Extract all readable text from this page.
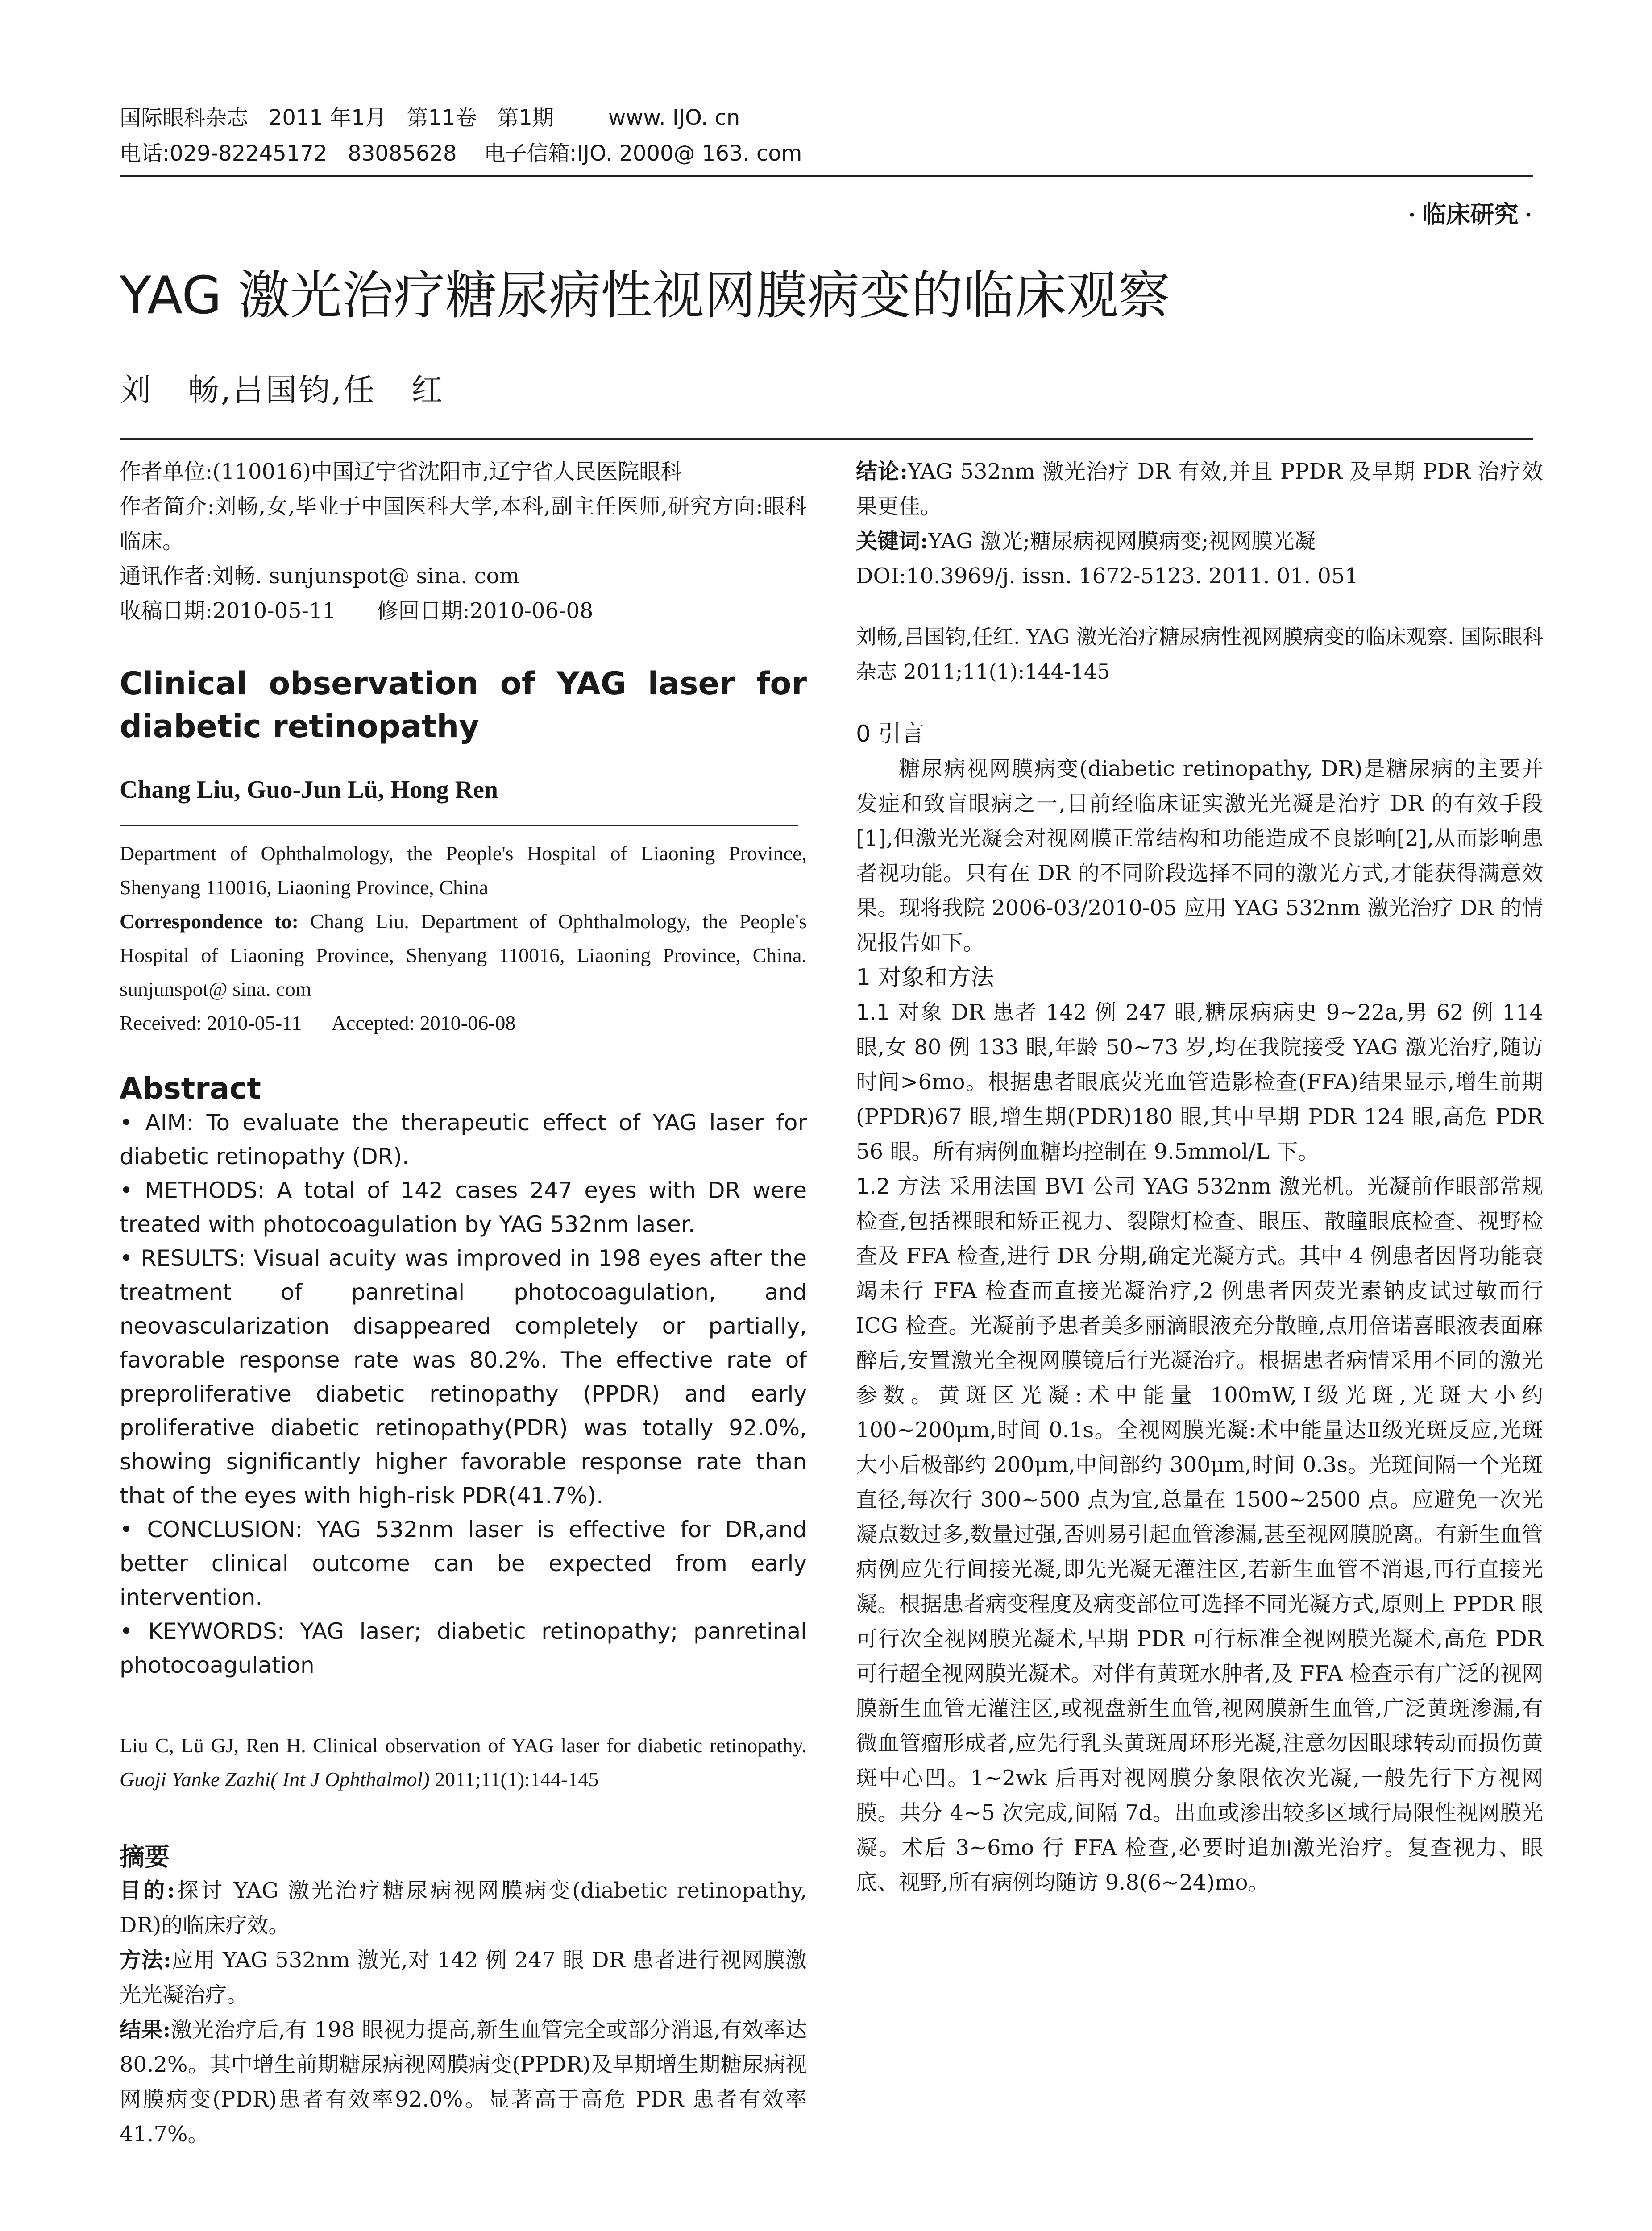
国际眼科杂志   2011 年1月   第11卷   第1期        www. IJO. cn
电话:029-82245172   83085628    电子信箱:IJO. 2000@ 163. com
· 临床研究 ·
YAG 激光治疗糖尿病性视网膜病变的临床观察
刘   畅,吕国钧,任   红

作者单位:(110016)中国辽宁省沈阳市,辽宁省人民医院眼科

作者简介:刘畅,女,毕业于中国医科大学,本科,副主任医师,研究方向:眼科临床。

通讯作者:刘畅. sunjunspot@ sina. com

收稿日期:2010-05-11      修回日期:2010-06-08

Clinical observation of YAG laser for diabetic retinopathy

Chang Liu, Guo-Jun Lü, Hong Ren

Department of Ophthalmology, the People's Hospital of Liaoning Province, Shenyang 110016, Liaoning Province, China

Correspondence to: Chang Liu. Department of Ophthalmology, the People's Hospital of Liaoning Province, Shenyang 110016, Liaoning Province, China. sunjunspot@ sina. com

Received: 2010-05-11      Accepted: 2010-06-08

Abstract

• AIM: To evaluate the therapeutic effect of YAG laser for diabetic retinopathy (DR).

• METHODS: A total of 142 cases 247 eyes with DR were treated with photocoagulation by YAG 532nm laser.

• RESULTS: Visual acuity was improved in 198 eyes after the treatment of panretinal photocoagulation, and neovascularization disappeared completely or partially, favorable response rate was 80.2%. The effective rate of preproliferative diabetic retinopathy (PPDR) and early proliferative diabetic retinopathy(PDR) was totally 92.0%, showing significantly higher favorable response rate than that of the eyes with high-risk PDR(41.7%).

• CONCLUSION: YAG 532nm laser is effective for DR,and better clinical outcome can be expected from early intervention.

• KEYWORDS: YAG laser; diabetic retinopathy; panretinal photocoagulation

Liu C, Lü GJ, Ren H. Clinical observation of YAG laser for diabetic retinopathy. Guoji Yanke Zazhi( Int J Ophthalmol) 2011;11(1):144-145

摘要

目的:探讨 YAG 激光治疗糖尿病视网膜病变(diabetic retinopathy, DR)的临床疗效。

方法:应用 YAG 532nm 激光,对 142 例 247 眼 DR 患者进行视网膜激光光凝治疗。

结果:激光治疗后,有 198 眼视力提高,新生血管完全或部分消退,有效率达 80.2%。其中增生前期糖尿病视网膜病变(PPDR)及早期增生期糖尿病视网膜病变(PDR)患者有效率92.0%。显著高于高危 PDR 患者有效率41.7%。

结论:YAG 532nm 激光治疗 DR 有效,并且 PPDR 及早期 PDR 治疗效果更佳。

关键词:YAG 激光;糖尿病视网膜病变;视网膜光凝

DOI:10.3969/j. issn. 1672-5123. 2011. 01. 051

刘畅,吕国钧,任红. YAG 激光治疗糖尿病性视网膜病变的临床观察. 国际眼科杂志 2011;11(1):144-145

0 引言

糖尿病视网膜病变(diabetic retinopathy, DR)是糖尿病的主要并发症和致盲眼病之一,目前经临床证实激光光凝是治疗 DR 的有效手段[1],但激光光凝会对视网膜正常结构和功能造成不良影响[2],从而影响患者视功能。只有在 DR 的不同阶段选择不同的激光方式,才能获得满意效果。现将我院 2006-03/2010-05 应用 YAG 532nm 激光治疗 DR 的情况报告如下。

1 对象和方法

1.1 对象 DR 患者 142 例 247 眼,糖尿病病史 9~22a,男 62 例 114 眼,女 80 例 133 眼,年龄 50~73 岁,均在我院接受 YAG 激光治疗,随访时间>6mo。根据患者眼底荧光血管造影检查(FFA)结果显示,增生前期(PPDR)67 眼,增生期(PDR)180 眼,其中早期 PDR 124 眼,高危 PDR 56 眼。所有病例血糖均控制在 9.5mmol/L 下。

1.2 方法 采用法国 BVI 公司 YAG 532nm 激光机。光凝前作眼部常规检查,包括裸眼和矫正视力、裂隙灯检查、眼压、散瞳眼底检查、视野检查及 FFA 检查,进行 DR 分期,确定光凝方式。其中 4 例患者因肾功能衰竭未行 FFA 检查而直接光凝治疗,2 例患者因荧光素钠皮试过敏而行 ICG 检查。光凝前予患者美多丽滴眼液充分散瞳,点用倍诺喜眼液表面麻醉后,安置激光全视网膜镜后行光凝治疗。根据患者病情采用不同的激光参数。黄斑区光凝:术中能量 100mW,Ⅰ级光斑,光斑大小约 100~200μm,时间 0.1s。全视网膜光凝:术中能量达Ⅱ级光斑反应,光斑大小后极部约 200μm,中间部约 300μm,时间 0.3s。光斑间隔一个光斑直径,每次行 300~500 点为宜,总量在 1500~2500 点。应避免一次光凝点数过多,数量过强,否则易引起血管渗漏,甚至视网膜脱离。有新生血管病例应先行间接光凝,即先光凝无灌注区,若新生血管不消退,再行直接光凝。根据患者病变程度及病变部位可选择不同光凝方式,原则上 PPDR 眼可行次全视网膜光凝术,早期 PDR 可行标准全视网膜光凝术,高危 PDR 可行超全视网膜光凝术。对伴有黄斑水肿者,及 FFA 检查示有广泛的视网膜新生血管无灌注区,或视盘新生血管,视网膜新生血管,广泛黄斑渗漏,有微血管瘤形成者,应先行乳头黄斑周环形光凝,注意勿因眼球转动而损伤黄斑中心凹。1~2wk 后再对视网膜分象限依次光凝,一般先行下方视网膜。共分 4~5 次完成,间隔 7d。出血或渗出较多区域行局限性视网膜光凝。术后 3~6mo 行 FFA 检查,必要时追加激光治疗。复查视力、眼底、视野,所有病例均随访 9.8(6~24)mo。
